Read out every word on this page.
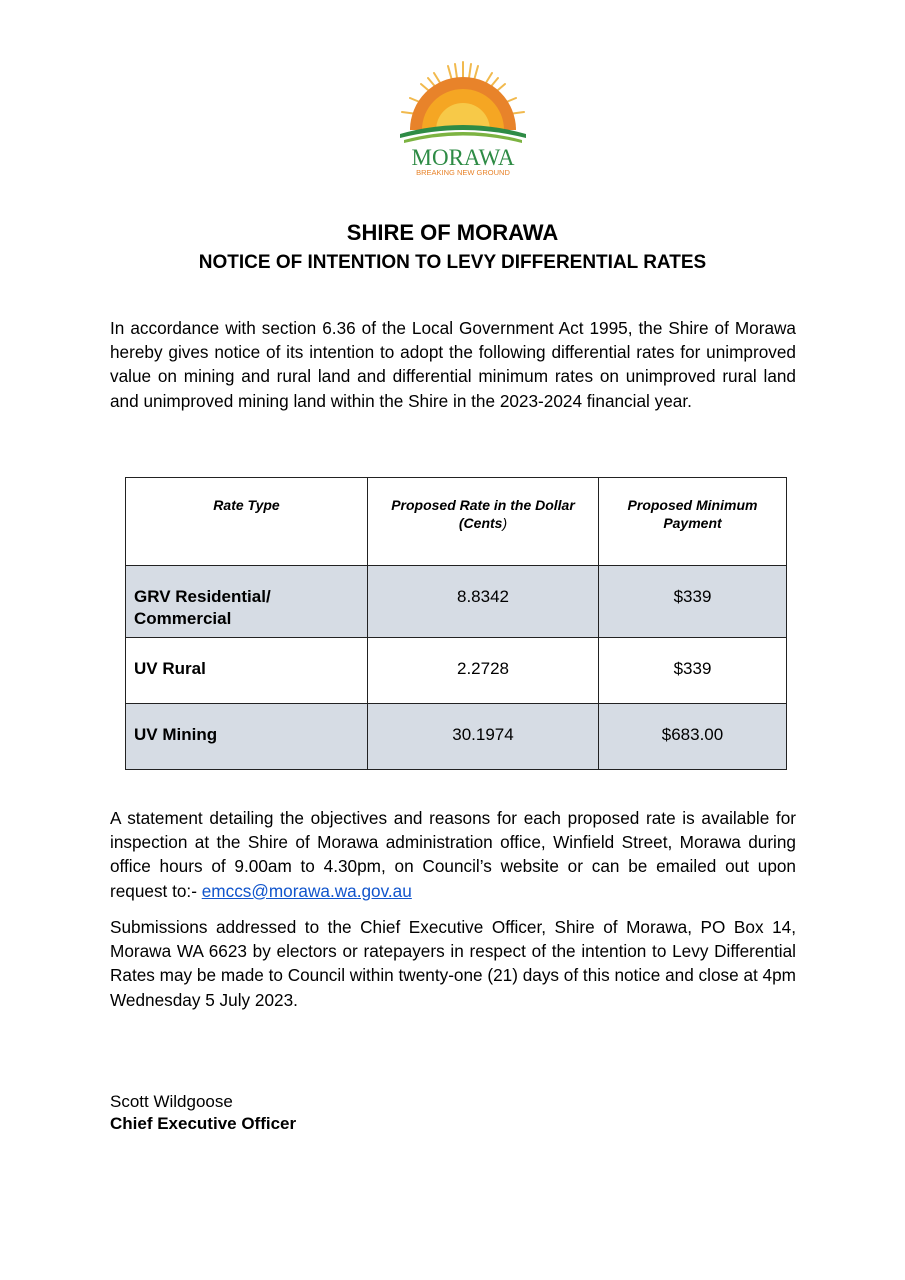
MORAWA
BREAKING NEW GROUND
SHIRE OF MORAWA
NOTICE OF INTENTION TO LEVY DIFFERENTIAL RATES

In accordance with section 6.36 of the Local Government Act 1995, the Shire of Morawa hereby gives notice of its intention to adopt the following differential rates for unimproved value on mining and rural land and differential minimum rates on unimproved rural land and unimproved mining land within the Shire in the 2023-2024 financial year.

Rate Type	Proposed Rate in the Dollar (Cents)	Proposed Minimum Payment
GRV Residential/ Commercial	8.8342	$339
UV Rural	2.2728	$339
UV Mining	30.1974	$683.00

A statement detailing the objectives and reasons for each proposed rate is available for inspection at the Shire of Morawa administration office, Winfield Street, Morawa during office hours of 9.00am to 4.30pm, on Council’s website or can be emailed out upon request to:- emccs@morawa.wa.gov.au

Submissions addressed to the Chief Executive Officer, Shire of Morawa, PO Box 14, Morawa WA 6623 by electors or ratepayers in respect of the intention to Levy Differential Rates may be made to Council within twenty-one (21) days of this notice and close at 4pm Wednesday 5 July 2023.

Scott Wildgoose
Chief Executive Officer
